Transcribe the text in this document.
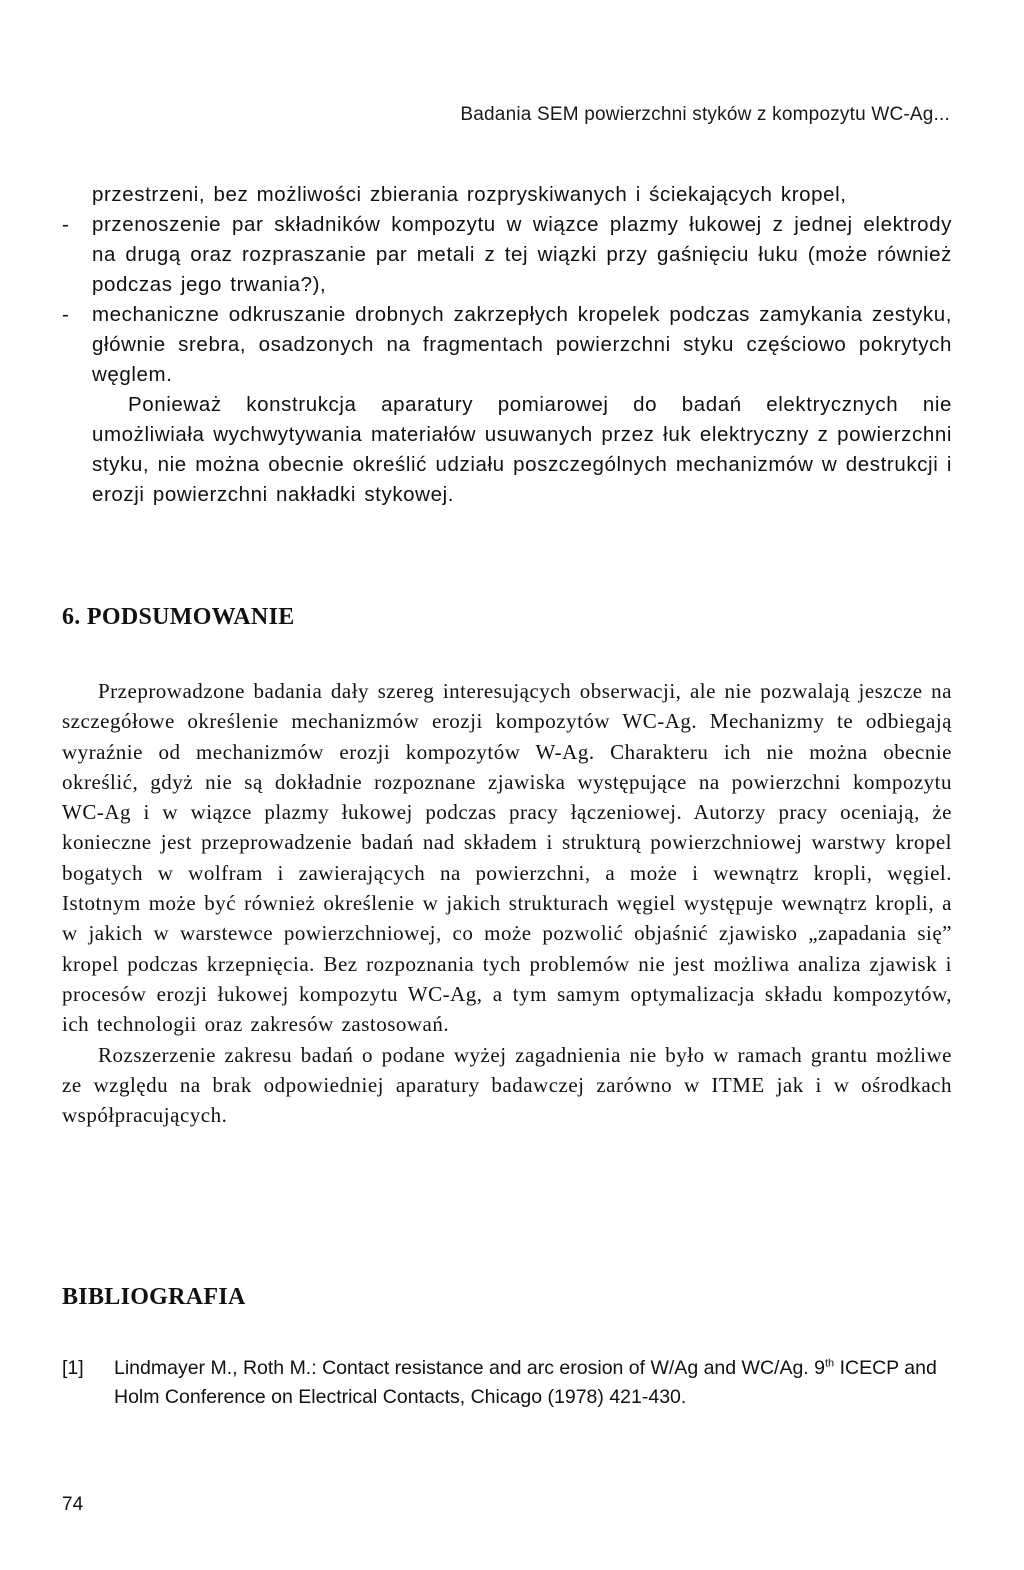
Badania SEM powierzchni styków z kompozytu WC-Ag...

przestrzeni, bez możliwości zbierania rozpryskiwanych i ściekających kropel,

- przenoszenie par składników kompozytu w wiązce plazmy łukowej z jednej elektrody na drugą oraz rozpraszanie par metali z tej wiązki przy gaśnięciu łuku (może również podczas jego trwania?),
- mechaniczne odkruszanie drobnych zakrzepłych kropelek podczas zamykania zestyku, głównie srebra, osadzonych na fragmentach powierzchni styku częściowo pokrytych węglem.

Ponieważ konstrukcja aparatury pomiarowej do badań elektrycznych nie umożliwiała wychwytywania materiałów usuwanych przez łuk elektryczny z powierzchni styku, nie można obecnie określić udziału poszczególnych mechanizmów w destrukcji i erozji powierzchni nakładki stykowej.

6. PODSUMOWANIE

Przeprowadzone badania dały szereg interesujących obserwacji, ale nie pozwalają jeszcze na szczegółowe określenie mechanizmów erozji kompozytów WC-Ag. Mechanizmy te odbiegają wyraźnie od mechanizmów erozji kompozytów W-Ag. Charakteru ich nie można obecnie określić, gdyż nie są dokładnie rozpoznane zjawiska występujące na powierzchni kompozytu WC-Ag i w wiązce plazmy łukowej podczas pracy łączeniowej. Autorzy pracy oceniają, że konieczne jest przeprowadzenie badań nad składem i strukturą powierzchniowej warstwy kropel bogatych w wolfram i zawierających na powierzchni, a może i wewnątrz kropli, węgiel. Istotnym może być również określenie w jakich strukturach węgiel występuje wewnątrz kropli, a w jakich w warstewce powierzchniowej, co może pozwolić objaśnić zjawisko „zapadania się” kropel podczas krzepnięcia. Bez rozpoznania tych problemów nie jest możliwa analiza zjawisk i procesów erozji łukowej kompozytu WC-Ag, a tym samym optymalizacja składu kompozytów, ich technologii oraz zakresów zastosowań.

Rozszerzenie zakresu badań o podane wyżej zagadnienia nie było w ramach grantu możliwe ze względu na brak odpowiedniej aparatury badawczej zarówno w ITME jak i w ośrodkach współpracujących.

BIBLIOGRAFIA
[1] Lindmayer M., Roth M.: Contact resistance and arc erosion of W/Ag and WC/Ag. 9th ICECP and Holm Conference on Electrical Contacts, Chicago (1978) 421-430.
74
